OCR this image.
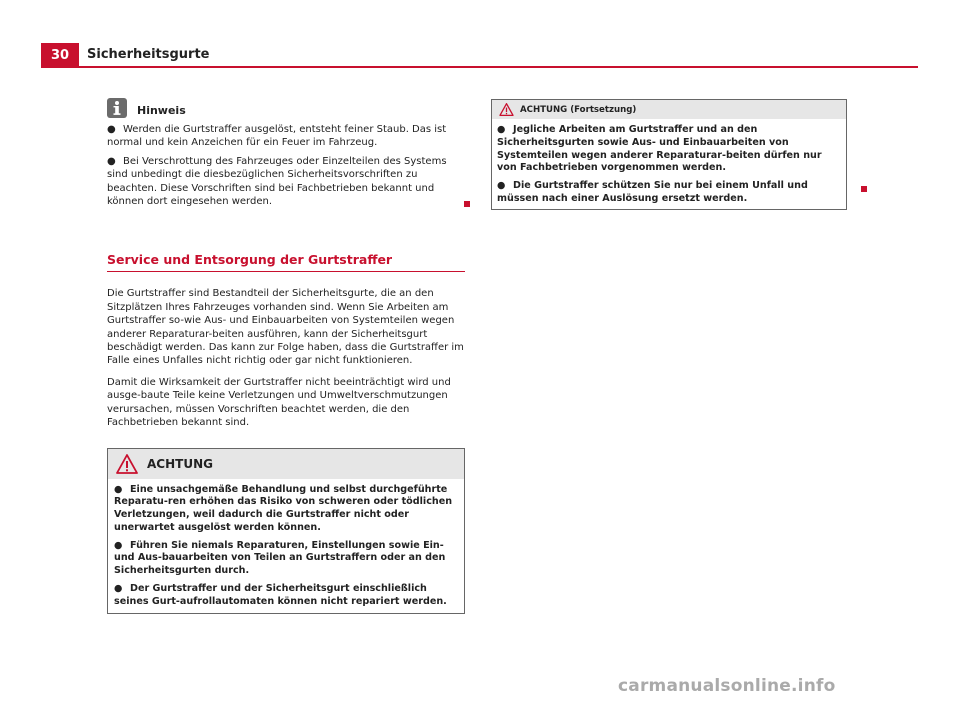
30	Sicherheitsgurte
Hinweis
● Werden die Gurtstraffer ausgelöst, entsteht feiner Staub. Das ist normal und kein Anzeichen für ein Feuer im Fahrzeug.
● Bei Verschrottung des Fahrzeuges oder Einzelteilen des Systems sind unbedingt die diesbezüglichen Sicherheitsvorschriften zu beachten. Diese Vorschriften sind bei Fachbetrieben bekannt und können dort eingesehen werden.
Service und Entsorgung der Gurtstraffer

Die Gurtstraffer sind Bestandteil der Sicherheitsgurte, die an den Sitzplätzen Ihres Fahrzeuges vorhanden sind. Wenn Sie Arbeiten am Gurtstraffer so-wie Aus- und Einbauarbeiten von Systemteilen wegen anderer Reparaturar-beiten ausführen, kann der Sicherheitsgurt beschädigt werden. Das kann zur Folge haben, dass die Gurtstraffer im Falle eines Unfalles nicht richtig oder gar nicht funktionieren.

Damit die Wirksamkeit der Gurtstraffer nicht beeinträchtigt wird und ausge-baute Teile keine Verletzungen und Umweltverschmutzungen verursachen, müssen Vorschriften beachtet werden, die den Fachbetrieben bekannt sind.

ACHTUNG
● Eine unsachgemäße Behandlung und selbst durchgeführte Reparatu-ren erhöhen das Risiko von schweren oder tödlichen Verletzungen, weil dadurch die Gurtstraffer nicht oder unerwartet ausgelöst werden können.
● Führen Sie niemals Reparaturen, Einstellungen sowie Ein- und Aus-bauarbeiten von Teilen an Gurtstraffern oder an den Sicherheitsgurten durch.
● Der Gurtstraffer und der Sicherheitsgurt einschließlich seines Gurt-aufrollautomaten können nicht repariert werden.
ACHTUNG (Fortsetzung)
● Jegliche Arbeiten am Gurtstraffer und an den Sicherheitsgurten sowie Aus- und Einbauarbeiten von Systemteilen wegen anderer Reparaturar-beiten dürfen nur von Fachbetrieben vorgenommen werden.
● Die Gurtstraffer schützen Sie nur bei einem Unfall und müssen nach einer Auslösung ersetzt werden.
carmanualsonline.info
